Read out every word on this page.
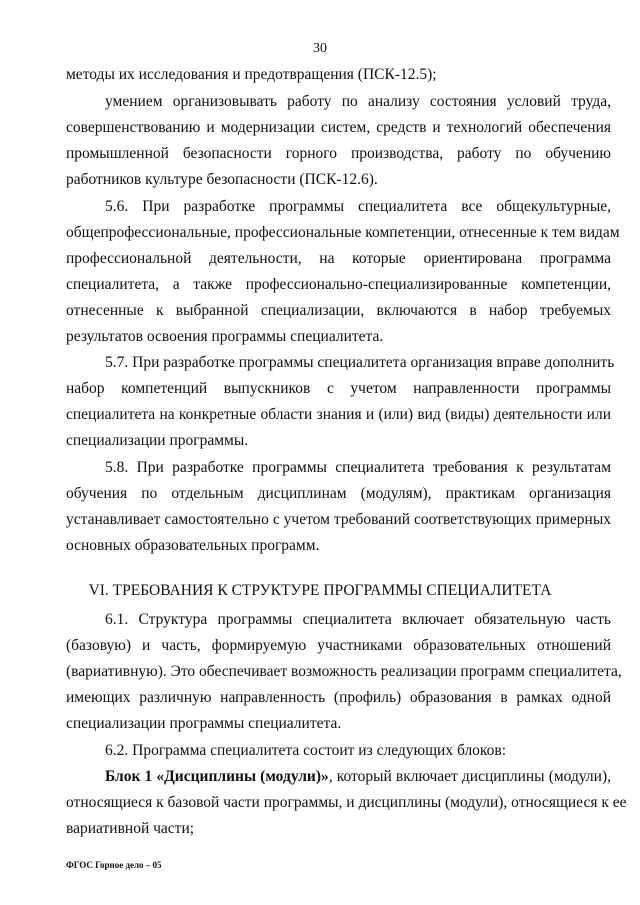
30
методы их исследования и предотвращения (ПСК-12.5);
умением организовывать работу по анализу состояния условий труда,
совершенствованию и модернизации систем, средств и технологий обеспечения
промышленной безопасности горного производства, работу по обучению
работников культуре безопасности (ПСК-12.6).
5.6. При разработке программы специалитета все общекультурные,
общепрофессиональные, профессиональные компетенции, отнесенные к тем видам
профессиональной деятельности, на которые ориентирована программа
специалитета, а также профессионально-специализированные компетенции,
отнесенные к выбранной специализации, включаются в набор требуемых
результатов освоения программы специалитета.
5.7. При разработке программы специалитета организация вправе дополнить
набор компетенций выпускников с учетом направленности программы
специалитета на конкретные области знания и (или) вид (виды) деятельности или
специализации программы.
5.8. При разработке программы специалитета требования к результатам
обучения по отдельным дисциплинам (модулям), практикам организация
устанавливает самостоятельно с учетом требований соответствующих примерных
основных образовательных программ.
VI. ТРЕБОВАНИЯ К СТРУКТУРЕ ПРОГРАММЫ СПЕЦИАЛИТЕТА
6.1. Структура программы специалитета включает обязательную часть
(базовую) и часть, формируемую участниками образовательных отношений
(вариативную). Это обеспечивает возможность реализации программ специалитета,
имеющих различную направленность (профиль) образования в рамках одной
специализации программы специалитета.
6.2. Программа специалитета состоит из следующих блоков:
Блок 1 «Дисциплины (модули)», который включает дисциплины (модули),
относящиеся к базовой части программы, и дисциплины (модули), относящиеся к ее
вариативной части;
ФГОС Горное дело – 05
